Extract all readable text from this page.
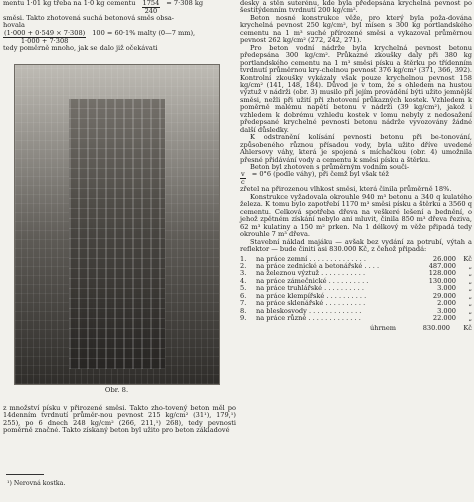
mentu 1·01 kg třeba na 1·0 kg cementu $\frac{1754}{240} = 7\cdot 308$ kg

směsi. Takto zhotovená suchá betonová směs obsa-

hovala

$\frac{(1\cdot 000 + 0\cdot 549 \times 7\cdot 308)}{1\cdot 000 + 7\cdot 308} 100 = 60\cdot 1\%$ malty (0—7 mm),

tedy poměrně mnoho, jak se dalo již očekávati

Obr. 8.

z množství písku v přirozené směsi. Takto zho-tovený beton měl po 14denním tvrdnutí průměr-nou pevnost 215 kg/cm² (31¹), 179,¹) 255), po 6 dnech 248 kg/cm² (266, 211,¹) 268), tedy pevnosti poměrně značné. Takto získaný beton byl užito pro beton základové

¹) Nerovná kostka.

desky a stěn suterénu, kde byla předepsána krychelná pevnost po šestitýdenním tvrdnutí 200 kg/cm².

Beton nosné konstrukce věže, pro který byla poža-dována krychelná pevnost 250 kg/cm², byl mísen s 300 kg portlandského cementu na 1 m³ suché přírozené směsi a vykazoval průměrnou pevnost 262 kg/cm² (272, 242, 271).

Pro beton vodní nádrže byla krychelná pevnost betonu předepsána 300 kg/cm². Průkazné zkoušky daly při 380 kg portlandského cementu na 1 m³ směsi písku a štěrku po třídenním tvrdnutí průměrnou kry-chelnou pevnost 376 kg/cm² (371, 366, 392). Kontrolní zkoušky vykázaly však pouze krychelnou pevnost 158 kg/cm² (141, 148, 184). Důvod je v tom, že s ohledem na hustou výztuž v nádrži (obr. 3) musilo při jejím provádění býti užito jemnější směsi, nežli při užití při zhotovení průkazných kostek. Vzhledem k poměrně malému napětí betonu v nádrži (39 kg/cm²), jakož i vzhledem k dobrému vzhledu kostek v lomu nebyly z nedosažení předepsané krychelné pevnosti betonu nádrže vyvozovány žádné další důsledky.

K odstranění kolísání pevnosti betonu při be-tonování, způsobeného různou přísadou vody, byla užito dříve uvedené Ahlersovy váhy, která je spojená s míchačkou (obr. 4) umožnila přesné přidávání vody a cementu k směsi písku a štěrku.

Beton byl zhotoven s průměrným vodním souči-

$\frac{v}{c} = 0^\circ 6$ (podle váhy), při čemž byl však též

zřetel na přirozenou vlhkost směsi, která činila průměrně 18%.

Konstrukce vyžadovala okrouhle 940 m³ betonu a 340 q kulatého železa. K tomu bylo zapotřebí 1170 m³ směsi písku a štěrku a 3560 q cementu. Celková spotřeba dřeva na veškeré lešení a bednění, o jehož zpětném získání nebylo ani mluvit, činila 850 m³ dřeva řeziva, 62 m³ kulatiny a 150 m² prken. Na 1 délkový m věže připadá tedy okrouhle 7 m³ dřeva.

Stavební náklad majáku — avšak bez vydání za potrubí, výtah a reflektor — bude činiti asi 830.000 Kč, z čehož připadá:

1.	na práce zemní . . . . . . . . . . . . . .	26.000	Kč
2.	na práce zednické a betonářské . . . .	487.000	„
3.	na železnou výztuž . . . . . . . . . . .	128.000	„
4.	na práce zámečnické . . . . . . . . . .	130.000	„
5.	na práce truhlářské . . . . . . . . . .	3.000	„
6.	na práce klempířské . . . . . . . . . .	29.000	„
7.	na práce sklenářské . . . . . . . . . .	2.000	„
8.	na bleskosvody . . . . . . . . . . . . .	3.000	„
9.	na práce různé . . . . . . . . . . . . .	22.000	„
úhrnem	830.000	Kč
